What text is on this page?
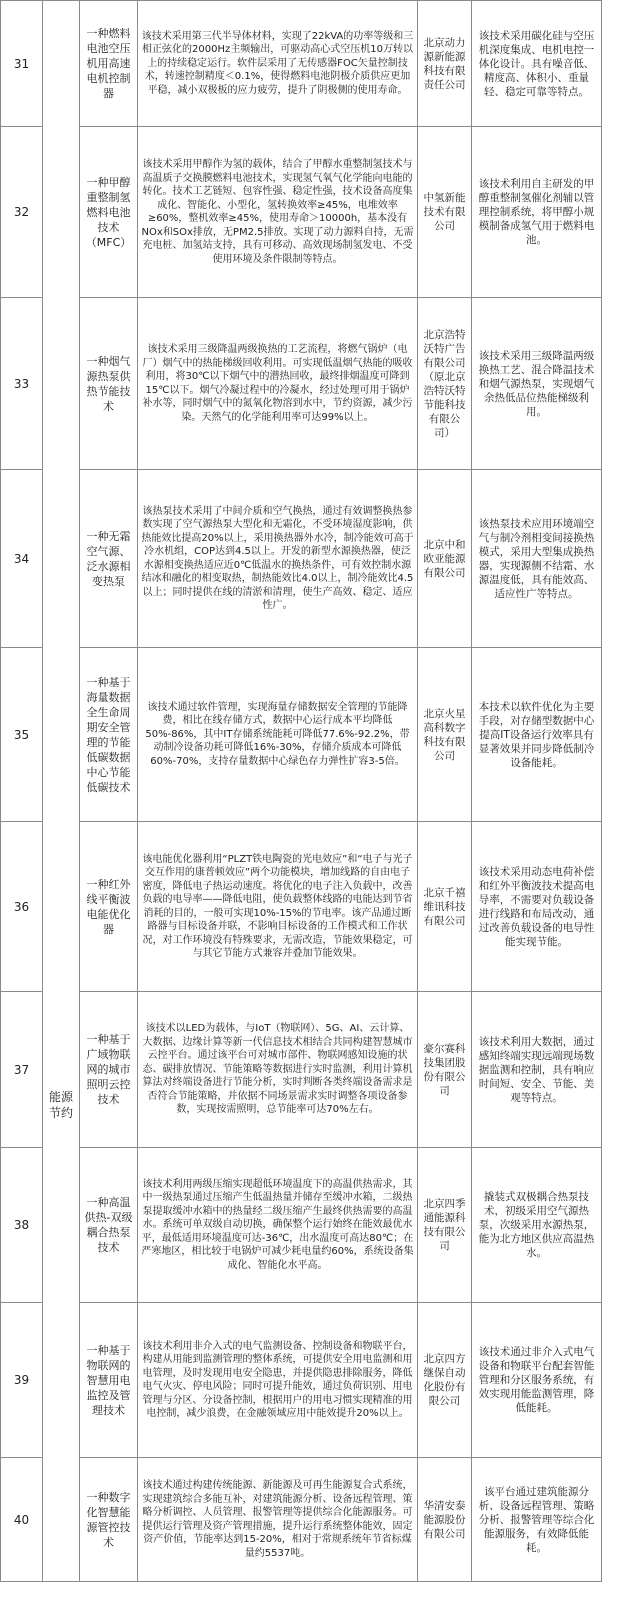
31	能源节约	一种燃料电池空压机用高速电机控制器	该技术采用第三代半导体材料，实现了22kVA的功率等级和三相正弦化的2000Hz主频输出，可驱动高心式空压机10万转以上的持续稳定运行。软件层采用了无传感器FOC矢量控制技术，转速控制精度＜0.1%，使得燃料电池阴极介质供应更加平稳，减小双极板的应力疲劳，提升了阴极侧的使用寿命。	北京动力源新能源科技有限责任公司	该技术采用碳化硅与空压机深度集成、电机电控一体化设计。具有噪音低、精度高、体积小、重量轻、稳定可靠等特点。
32		一种甲醇重整制氢燃料电池技术（MFC）	该技术采用甲醇作为氢的载体，结合了甲醇水重整制氢技术与高温质子交换膜燃料电池技术，实现氢气氧气化学能向电能的转化。技术工艺链短、包容性强、稳定性强，技术设备高度集成化、智能化、小型化，氢转换效率≥45%，电堆效率≥60%，整机效率≥45%，使用寿命＞10000h，基本没有NOx和SOx排放，无PM2.5排放。实现了动力源料自持，无需充电桩、加氢站支持，具有可移动、高效现场制氢发电、不受使用环境及条件限制等特点。	中氢新能技术有限公司	该技术利用自主研发的甲醇重整制氢催化剂辅以管理控制系统，将甲醇小规模制备成氢气用于燃料电池。
33		一种烟气源热泵供热节能技术	该技术采用三级降温两级换热的工艺流程，将燃气锅炉（电厂）烟气中的热能梯级回收利用。可实现低温烟气热能的吸收利用，将30℃以下烟气中的潜热回收，最终排烟温度可降到15℃以下。烟气冷凝过程中的冷凝水，经过处理可用于锅炉补水等，同时烟气中的氮氧化物溶到水中，节约资源，减少污染。天然气的化学能利用率可达99%以上。	北京浩特沃特广告有限公司（原北京浩特沃特节能科技有限公司）	该技术采用三级降温两级换热工艺、混合降温技术和烟气源热泵，实现烟气余热低品位热能梯级利用。
34		一种无霜空气源、泛水源相变热泵	该热泵技术采用了中间介质和空气换热，通过有效调整换热参数实现了空气源热泵大型化和无霜化，不受环境湿度影响，供热能效比提高20%以上，采用换热器外水冷，制冷能效可高于冷水机组，COP达到4.5以上。开发的新型水源换热器，使泛水源相变换热适应近0℃低温水的换热条件，可有效控制水源结冰和融化的相变取热，制热能效比4.0以上，制冷能效比4.5以上；同时提供在线的清淤和清理，使生产高效、稳定、适应性广。	北京中和欧亚能源有限公司	该热泵技术应用环境端空气与制冷剂相变间接换热模式，采用大型集成换热器，实现源侧不结霜、水源温度低，具有能效高、适应性广等特点。
35		一种基于海量数据全生命周期安全管理的节能低碳数据中心节能低碳技术	该技术通过软件管理，实现海量存储数据安全管理的节能降费，相比在线存储方式，数据中心运行成本平均降低50%-86%，其中IT存储系统能耗可降低77.6%-92.2%，带动制冷设备功耗可降低16%-30%，存储介质成本可降低60%-70%，支持存量数据中心绿色存力弹性扩容3-5倍。	北京火星高科数字科技有限公司	本技术以软件优化为主要手段，对存储型数据中心提高IT设备运行效率具有显著效果并同步降低制冷设备能耗。
36		一种红外线平衡波电能优化器	该电能优化器利用“PLZT铁电陶瓷的光电效应”和“电子与光子交互作用的康普顿效应”两个功能模块，增加线路的自由电子密度，降低电子热运动速度。将优化的电子注入负载中，改善负载的电导率——降低电阻，使负载整体线路的电能达到节省消耗的目的，一般可实现10%-15%的节电率。该产品通过断路器与目标设备并联，不影响目标设备的工作模式和工作状况，对工作环境没有特殊要求，无需改造，节能效果稳定，可与其它节能方式兼容并叠加节能效果。	北京千禧维讯科技有限公司	该技术采用动态电荷补偿和红外平衡波技术提高电导率，不需要对负载设备进行线路和布局改动，通过改善负载设备的电导性能实现节能。
37		一种基于广域物联网的城市照明云控技术	该技术以LED为载体，与IoT（物联网）、5G、AI、云计算、大数据、边缘计算等新一代信息技术相结合共同构建智慧城市云控平台。通过该平台可对城市部件、物联网感知设施的状态、碳排放情况、节能策略等数据进行实时监测，利用计算机算法对终端设备进行节能分析，实时判断各类终端设备需求是否符合节能策略，并依据不同场景需求实时调整各项设备参数，实现按需照明，总节能率可达70%左右。	豪尔赛科技集团股份有限公司	该技术利用大数据，通过感知终端实现远端现场数据监测和控制，具有响应时间短、安全、节能、美观等特点。
38		一种高温供热-双级耦合热泵技术	该技术利用两级压缩实现超低环境温度下的高温供热需求，其中一级热泵通过压缩产生低温热量并储存至缓冲水箱，二级热泵提取缓冲水箱中的热量经二级压缩产生最终供热需要的高温水。系统可单双级自动切换，确保整个运行始终在能效最优水平，最低适用环境温度可达-36℃，出水温度可高达80℃；在严寒地区，相比较于电锅炉可减少耗电量约60%，系统设备集成化、智能化水平高。	北京四季通能源科技有限公司	撬装式双极耦合热泵技术，初级采用空气源热泵，次级采用水源热泵，能为北方地区供应高温热水。
39		一种基于物联网的智慧用电监控及管理技术	该技术利用非介入式的电气监测设备、控制设备和物联平台，构建从用能到监测管理的整体系统，可提供安全用电监测和用电管理，及时发现用电安全隐患，并提供隐患排除服务，降低电气火灾、停电风险；同时可提升能效，通过负荷识别、用电管理与分区、分设备控制，根据用户的用电习惯实现精准的用电控制，减少浪费，在金融领域应用中能效提升20%以上。	北京四方继保自动化股份有限公司	该技术通过非介入式电气设备和物联平台配套智能管理和分区服务系统，有效实现用能监测管理，降低能耗。
40		一种数字化智慧能源管控技术	该技术通过构建传统能源、新能源及可再生能源复合式系统，实现建筑综合多能互补，对建筑能源分析、设备远程管理、策略分析调控、人员管理、报警管理等提供综合化能源服务。可提供运行管理及资产管理措施，提升运行系统整体能效，固定资产价值，节能率达到15-20%，相对于常规系统年节省标煤量约5537吨。	华清安泰能源股份有限公司	该平台通过建筑能源分析、设备远程管理、策略分析、报警管理等综合化能源服务，有效降低能耗。
